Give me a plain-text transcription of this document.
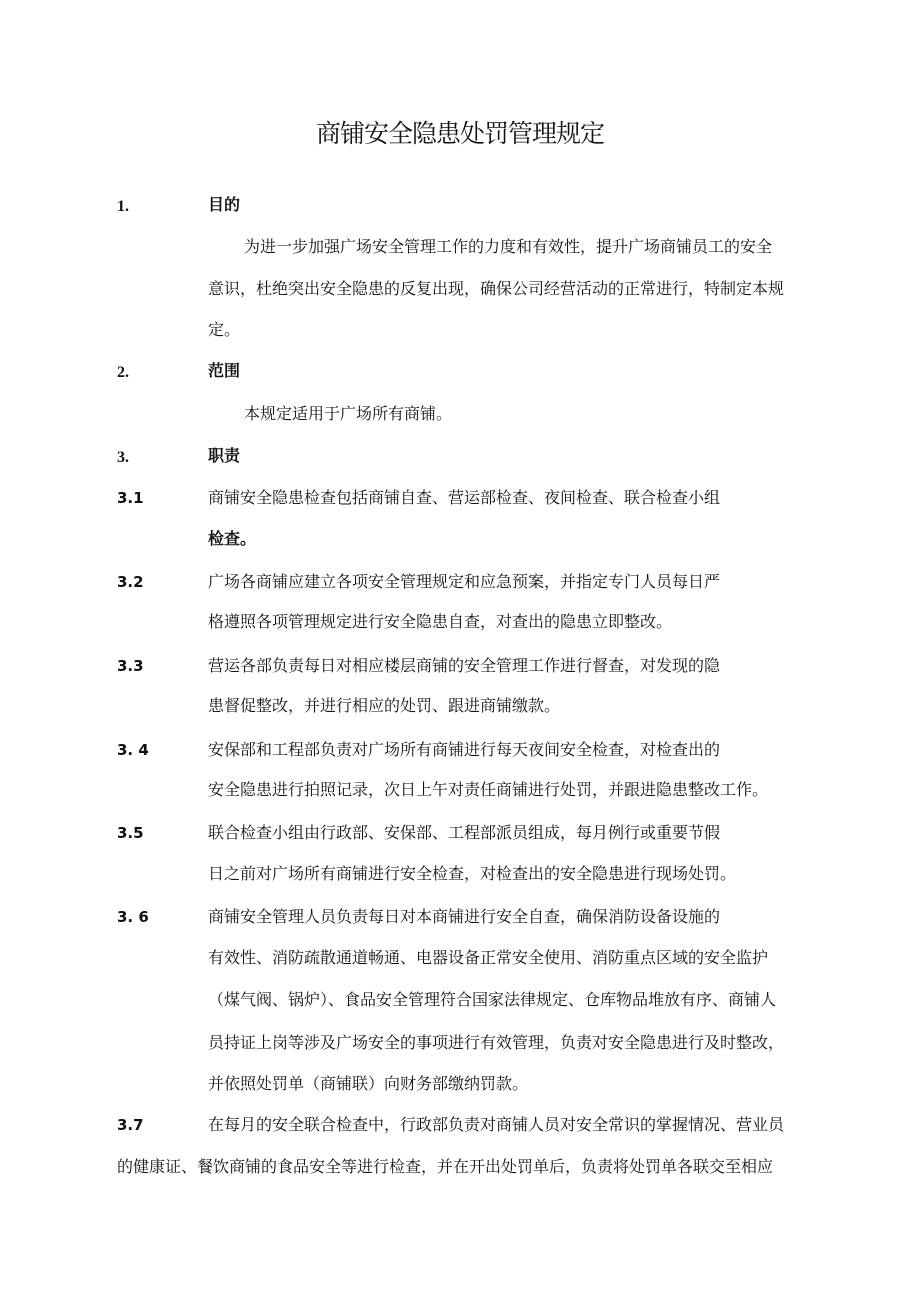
商铺安全隐患处罚管理规定
1.	目的
为进一步加强广场安全管理工作的力度和有效性，提升广场商铺员工的安全
意识，杜绝突出安全隐患的反复出现，确保公司经营活动的正常进行，特制定本规
定。
2.	范围
本规定适用于广场所有商铺。
3.	职责
3.1	商铺安全隐患检查包括商铺自查、营运部检查、夜间检查、联合检查小组
检查。
3.2	广场各商铺应建立各项安全管理规定和应急预案，并指定专门人员每日严
格遵照各项管理规定进行安全隐患自查，对查出的隐患立即整改。
3.3	营运各部负责每日对相应楼层商铺的安全管理工作进行督查，对发现的隐
患督促整改，并进行相应的处罚、跟进商铺缴款。
3. 4	安保部和工程部负责对广场所有商铺进行每天夜间安全检查，对检查出的
安全隐患进行拍照记录，次日上午对责任商铺进行处罚，并跟进隐患整改工作。
3.5	联合检查小组由行政部、安保部、工程部派员组成，每月例行或重要节假
日之前对广场所有商铺进行安全检查，对检查出的安全隐患进行现场处罚。
3. 6	商铺安全管理人员负责每日对本商铺进行安全自查，确保消防设备设施的
有效性、消防疏散通道畅通、电器设备正常安全使用、消防重点区域的安全监护
（煤气阀、锅炉）、食品安全管理符合国家法律规定、仓库物品堆放有序、商铺人
员持证上岗等涉及广场安全的事项进行有效管理，负责对安全隐患进行及时整改，
并依照处罚单（商铺联）向财务部缴纳罚款。
3.7	在每月的安全联合检查中，行政部负责对商铺人员对安全常识的掌握情况、营业员
的健康证、餐饮商铺的食品安全等进行检查，并在开出处罚单后，负责将处罚单各联交至相应
